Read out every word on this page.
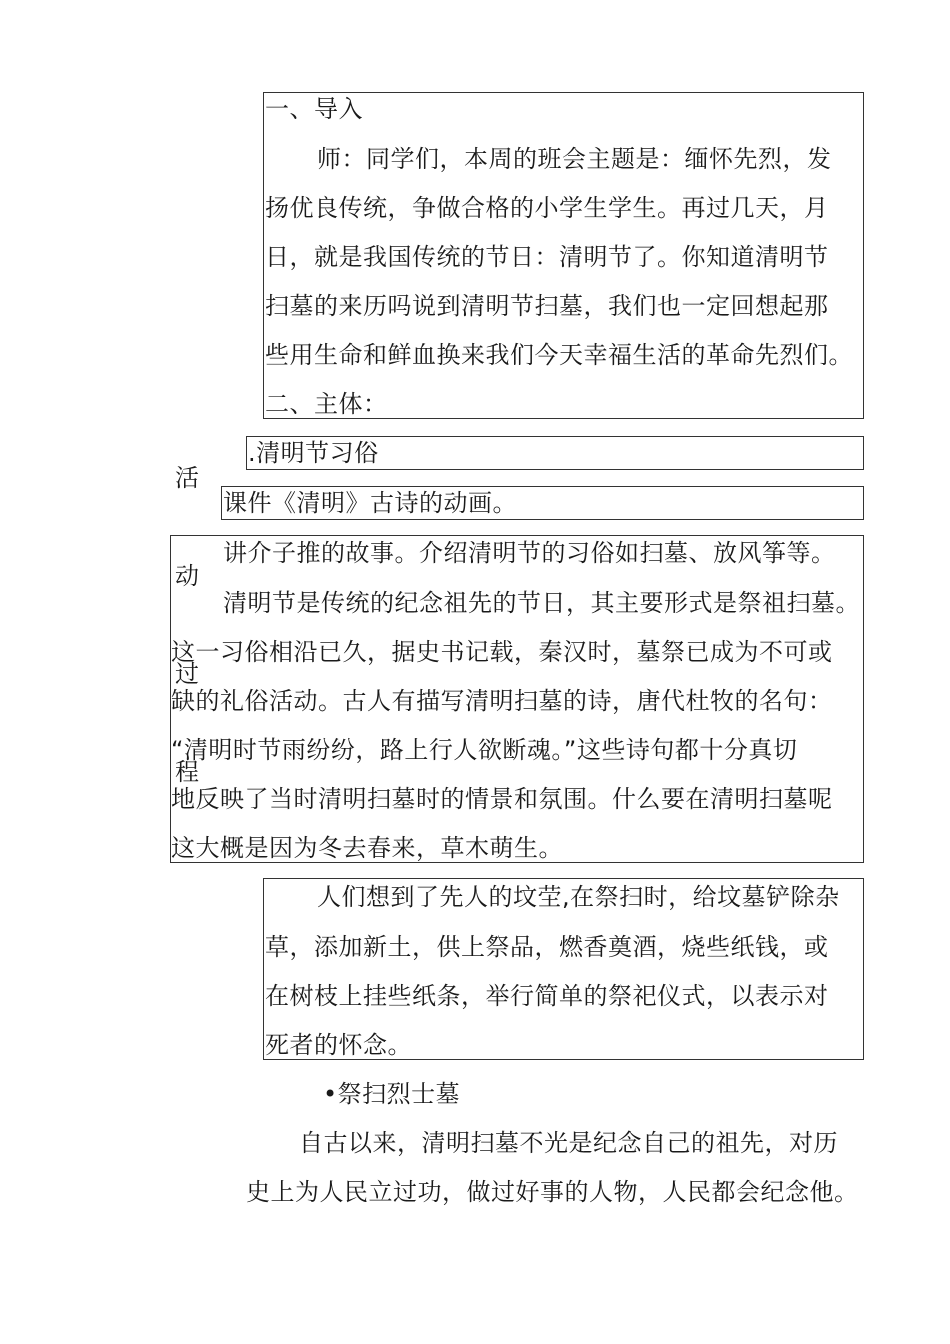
一、导入
师：同学们，本周的班会主题是：缅怀先烈，发
扬优良传统，争做合格的小学生学生。再过几天，月
日，就是我国传统的节日：清明节了。你知道清明节
扫墓的来历吗说到清明节扫墓，我们也一定回想起那
些用生命和鲜血换来我们今天幸福生活的革命先烈们。
二、主体：
.清明节习俗
课件《清明》古诗的动画。
活
动
过
程
讲介子推的故事。介绍清明节的习俗如扫墓、放风筝等。
清明节是传统的纪念祖先的节日，其主要形式是祭祖扫墓。
这一习俗相沿已久，据史书记载，秦汉时，墓祭已成为不可或
缺的礼俗活动。古人有描写清明扫墓的诗，唐代杜牧的名句：
“清明时节雨纷纷，路上行人欲断魂。”这些诗句都十分真切
地反映了当时清明扫墓时的情景和氛围。什么要在清明扫墓呢
这大概是因为冬去春来，草木萌生。
人们想到了先人的坟茔,在祭扫时，给坟墓铲除杂
草，添加新土，供上祭品，燃香奠酒，烧些纸钱，或
在树枝上挂些纸条，举行简单的祭祀仪式，以表示对
死者的怀念。
•祭扫烈士墓
自古以来，清明扫墓不光是纪念自己的祖先，对历
史上为人民立过功，做过好事的人物，人民都会纪念他。
